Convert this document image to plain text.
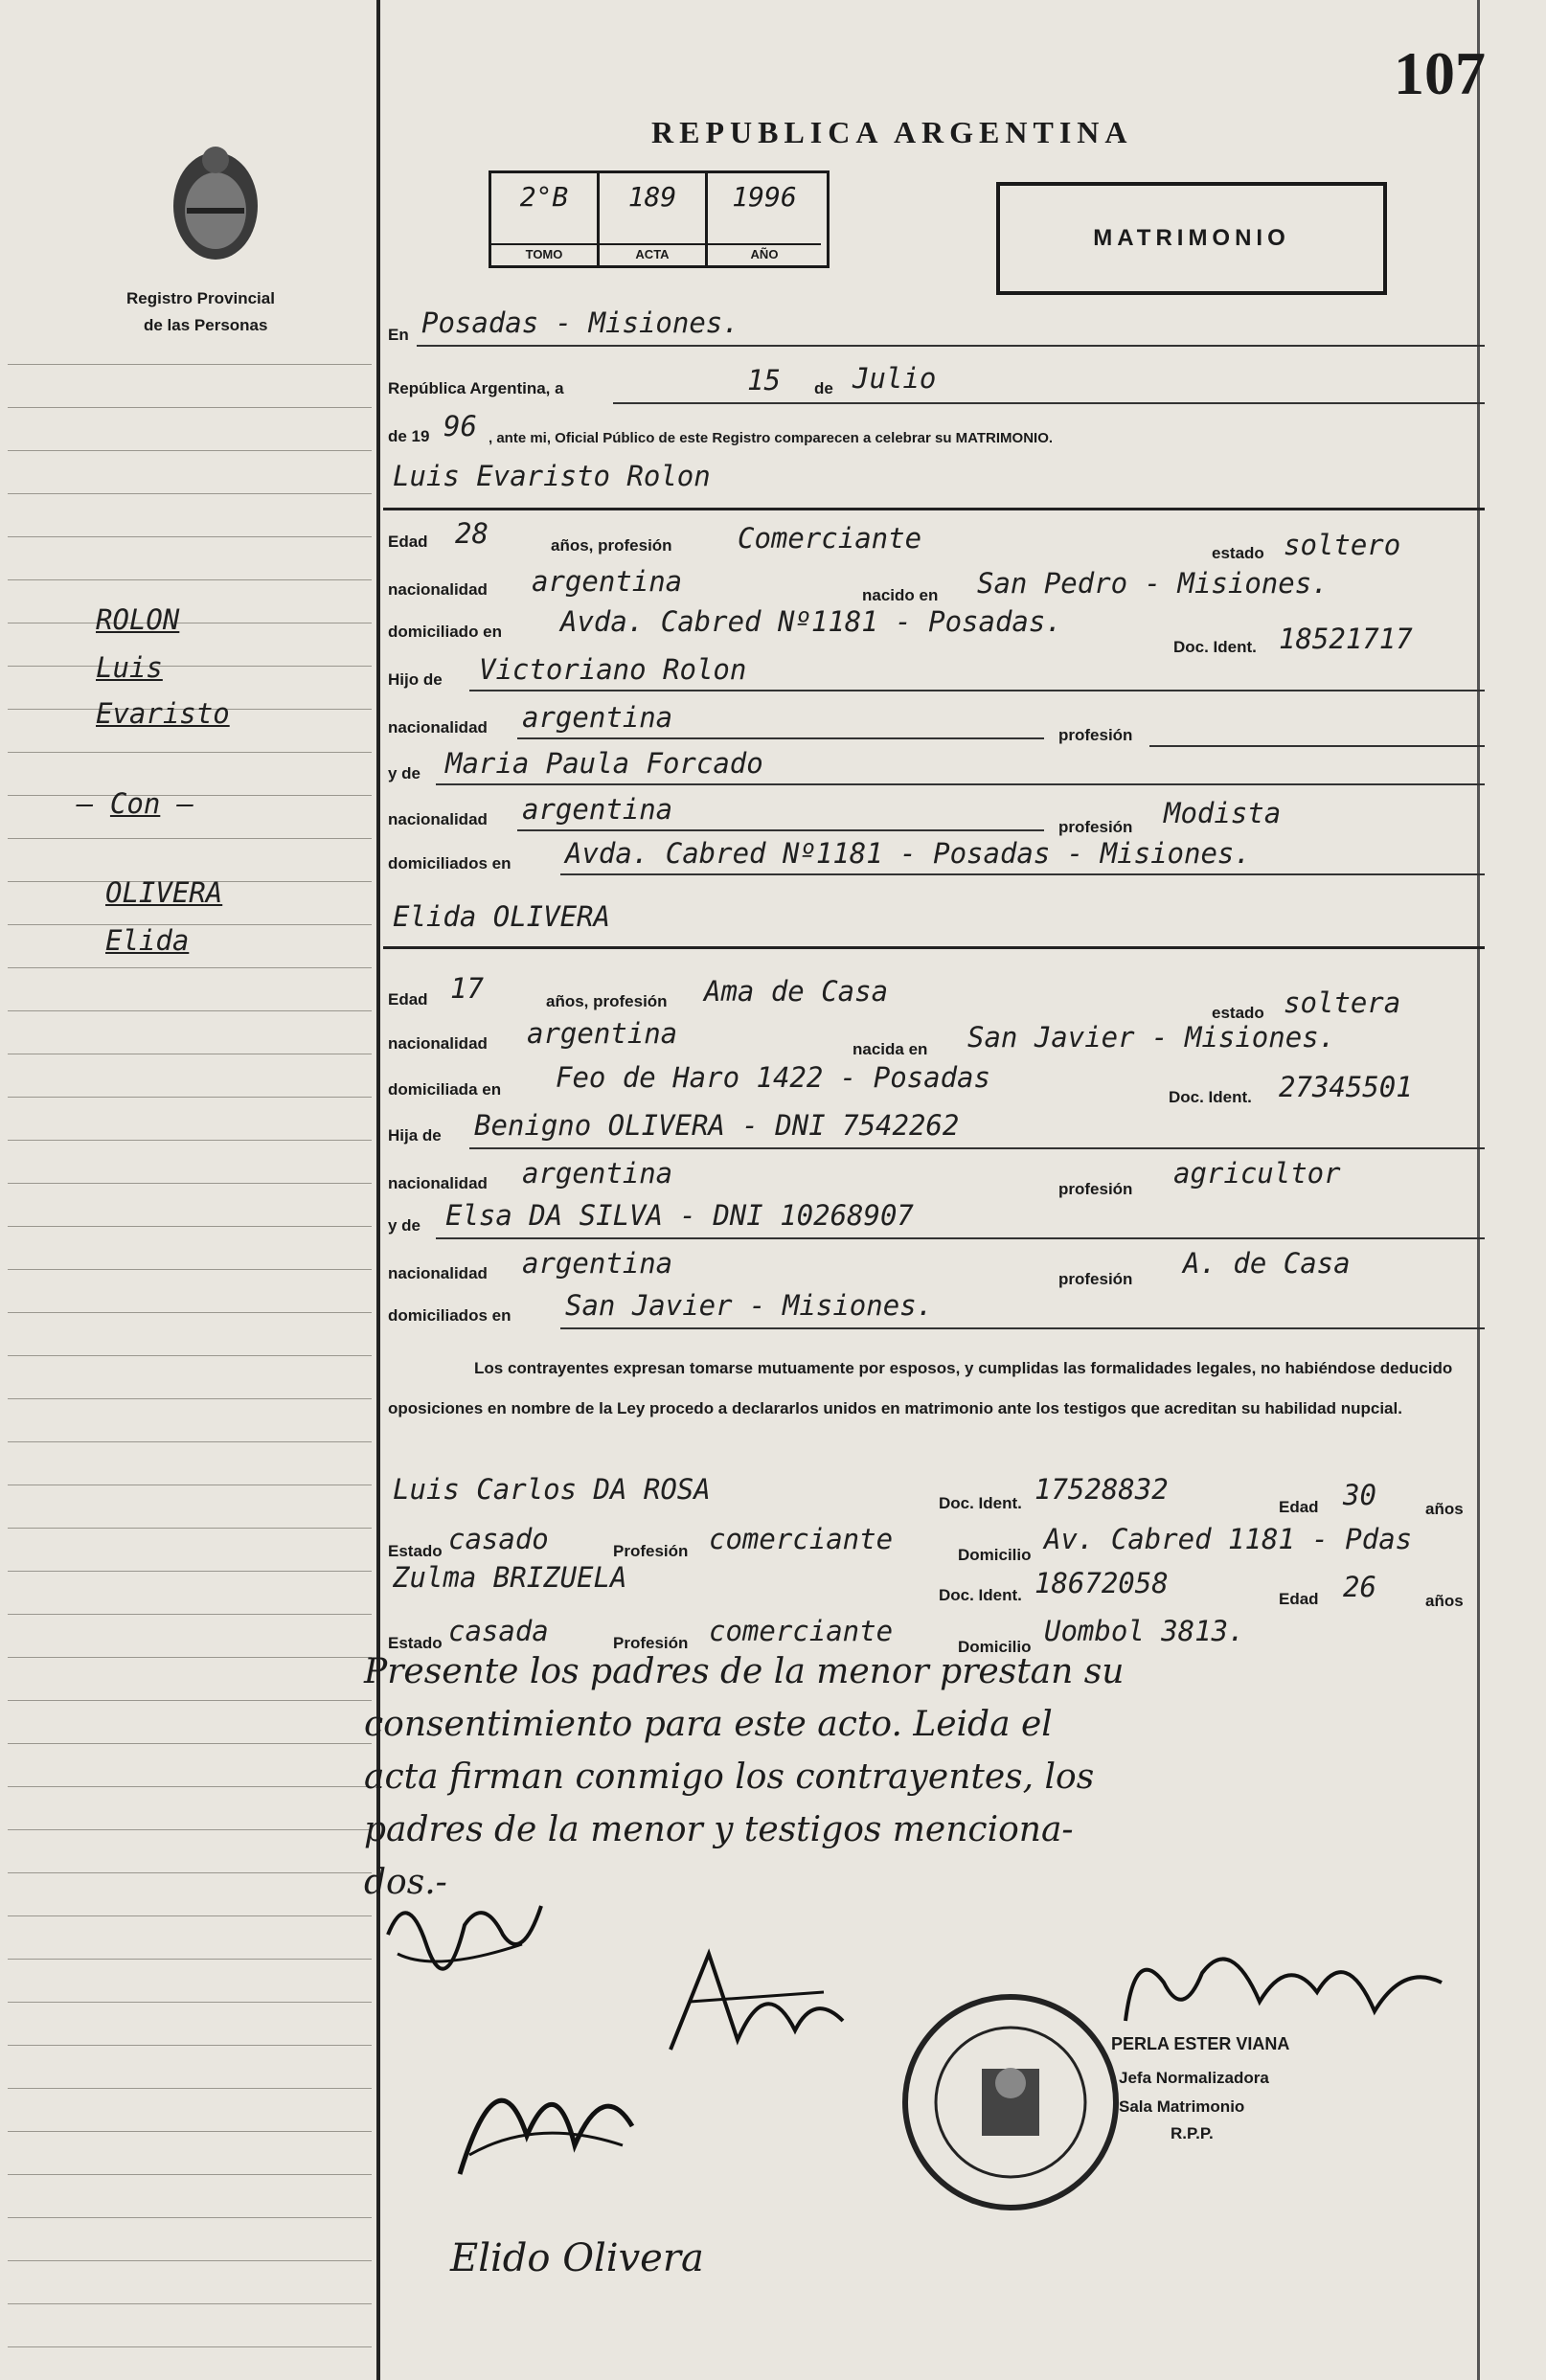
107
REPUBLICA ARGENTINA
Registro Provincial
de las Personas
2°B
TOMO
189
ACTA
1996
AÑO
MATRIMONIO
ROLON
Luis
Evaristo
— Con —
OLIVERA
Elida
En Posadas - Misiones.
República Argentina, a	15 de Julio
de 19 96 , ante mi, Oficial Público de este Registro comparecen a celebrar su MATRIMONIO.
Luis Evaristo Rolon
Edad 28	años, profesión Comerciante	estado soltero
nacionalidad argentina	nacido en San Pedro - Misiones.
domiciliado en Avda. Cabred Nº1181 - Posadas.
Doc. Ident. 18521717
Hijo de Victoriano Rolon
nacionalidad argentina
profesión
y de Maria Paula Forcado
nacionalidad argentina
profesión Modista
domiciliados en Avda. Cabred Nº1181 - Posadas - Misiones.
Elida OLIVERA
Edad 17	años, profesión Ama de Casa
estado soltera
nacionalidad argentina	nacida en San Javier - Misiones.
domiciliada en Feo de Haro 1422 - Posadas
Doc. Ident. 27345501
Hija de Benigno OLIVERA - DNI 7542262
nacionalidad argentina	profesión agricultor
y de Elsa DA SILVA - DNI 10268907
nacionalidad argentina	profesión A. de Casa
domiciliados en San Javier - Misiones.
Los contrayentes expresan tomarse mutuamente por esposos, y cumplidas las formalidades legales, no habiéndose deducido oposiciones en nombre de la Ley procedo a declararlos unidos en matrimonio ante los testigos que acreditan su habilidad nupcial.
Luis Carlos DA ROSA	Doc. Ident. 17528832
Edad 30	años
Estado casado	Profesión comerciante	Domicilio Av. Cabred 1181 - Pdas
Zulma BRIZUELA
Doc. Ident. 18672058	Edad 26	años
Estado casada	Profesión comerciante	Domicilio Uombol 3813.
Presente los padres de la menor prestan su
consentimiento para este acto. Leida el
acta firman conmigo los contrayentes, los
padres de la menor y testigos menciona-
dos.-
PERLA ESTER VIANA
Jefa Normalizadora
Sala Matrimonio
R.P.P.
Elido Olivera
